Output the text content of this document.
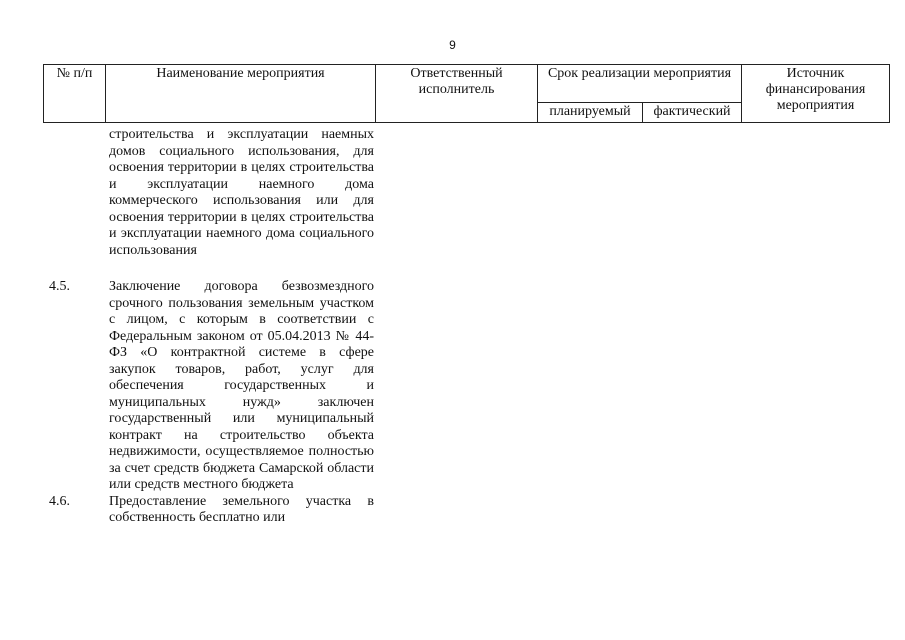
9
№ п/п	Наименование мероприятия	Ответственный исполнитель	Срок реализации мероприятия		Источник финансирования мероприятия
			планируемый	фактический	
строительства и эксплуатации наемных домов социального использования, для освоения территории в целях строительства и эксплуатации наемного дома коммерческого использования или для освоения территории в целях строительства и эксплуатации наемного дома социального использования
4.5.	Заключение договора безвозмездного срочного пользования земельным участком с лицом, с которым в соответствии с Федеральным законом от 05.04.2013 № 44-ФЗ «О контрактной системе в сфере закупок товаров, работ, услуг для обеспечения государственных и муниципальных нужд» заключен государственный или муниципальный контракт на строительство объекта недвижимости, осуществляемое полностью за счет средств бюджета Самарской области или средств местного бюджета
4.6.	Предоставление земельного участка в собственность бесплатно или
